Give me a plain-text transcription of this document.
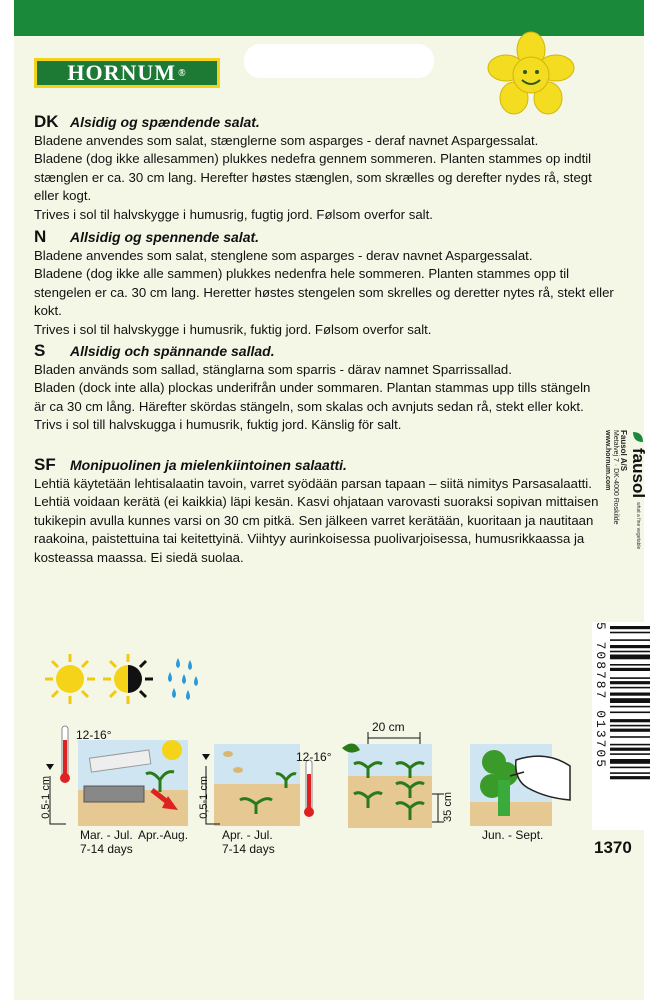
HORNUM ®
DK Alsidig og spændende salat.

Bladene anvendes som salat, stænglerne som asparges - deraf navnet Aspargessalat.

Bladene (dog ikke allesammen) plukkes nedefra gennem sommeren. Planten stammes op indtil

stænglen er ca. 30 cm lang. Herefter høstes stænglen, som skrælles og derefter nydes rå, stegt eller kogt.

Trives i sol til halvskygge i humusrig, fugtig jord. Følsom overfor salt.

N Allsidig og spennende salat.

Bladene anvendes som salat, stenglene som asparges - derav navnet Aspargessalat.

Bladene (dog ikke alle sammen) plukkes nedenfra hele sommeren. Planten stammes opp til

stengelen er ca. 30 cm lang. Heretter høstes stengelen som skrelles og deretter nytes rå, stekt eller kokt.

Trives i sol til halvskygge i humusrik, fuktig jord. Følsom overfor salt.

S Allsidig och spännande sallad.

Bladen används som sallad, stänglarna som sparris - därav namnet Sparrissallad.

Bladen (dock inte alla) plockas underifrån under sommaren. Plantan stammas upp tills stängeln

är ca 30 cm lång. Härefter skördas stängeln, som skalas och avnjuts sedan rå, stekt eller kokt.

Trivs i sol till halvskugga i humusrik, fuktig jord. Känslig för salt.

SF Monipuolinen ja mielenkiintoinen salaatti.

Lehtiä käytetään lehtisalaatin tavoin, varret syödään parsan tapaan – siitä nimitys Parsasalaatti.

Lehtiä voidaan kerätä (ei kaikkia) läpi kesän. Kasvi ohjataan varovasti suoraksi sopivan mittaisen

tukikepin avulla kunnes varsi on 30 cm pitkä. Sen jälkeen varret kerätään, kuoritaan ja nautitaan

raakoina, paistettuina tai keitettyinä. Viihtyy aurinkoisessa puolivarjoisessa, humusrikkaassa ja

kosteassa maassa. Ei siedä suolaa.

fausol
what a fine vegetable
Fausol A/S
Metalvej 7 · DK-4000 Roskilde
www.hornum.com
5 708787 013705
1370
12-16°
0,5-1 cm
Mar. - Jul.
7-14 days
Apr.-Aug.
12-16°
0,5-1 cm
Apr. - Jul.
7-14 days
20 cm
35 cm
Jun. - Sept.
